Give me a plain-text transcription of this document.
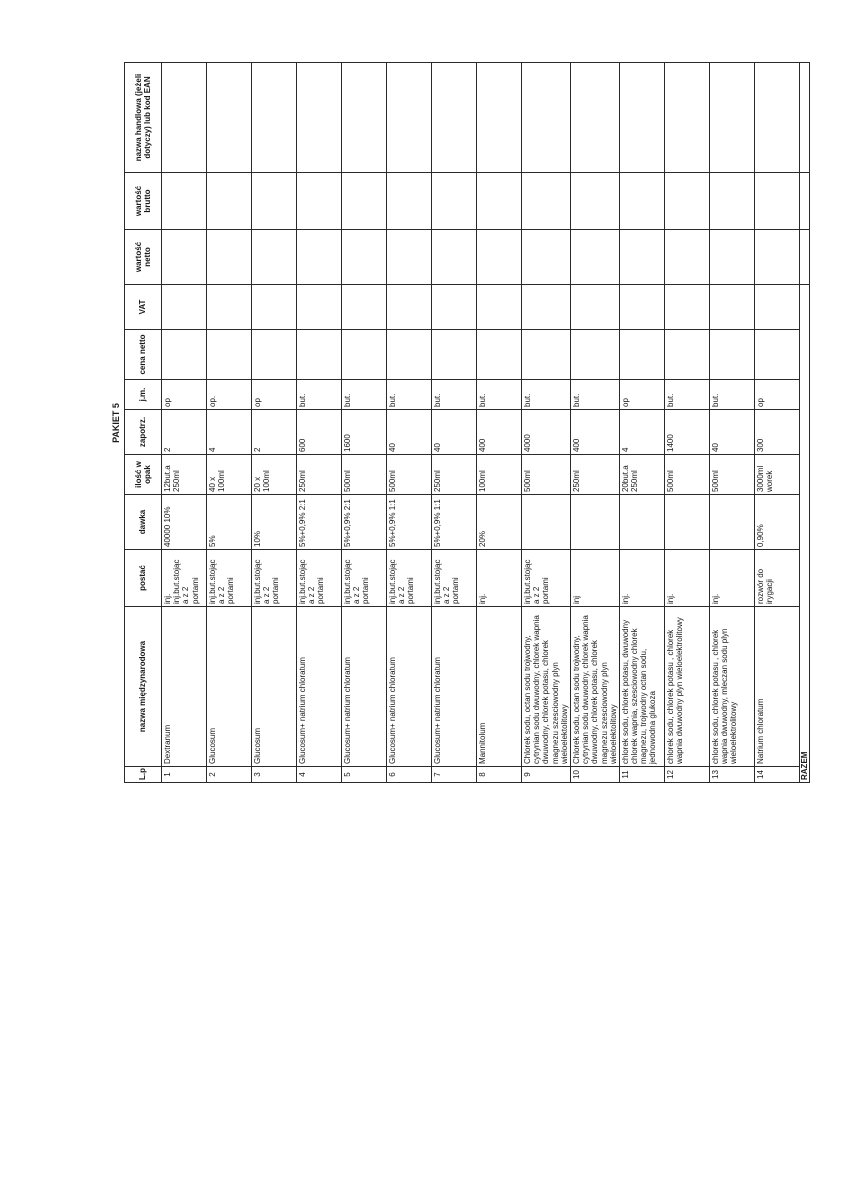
PAKIET 5
L.p	nazwa międzynarodowa	postać	dawka	ilość w opak	zapotrz.	j.m.	cena netto	VAT	wartość netto	wartość brutto	nazwa handlowa (jeżeli dotyczy) lub kod EAN
1	Dextranum	inj.
inj.but.stojąc
a z 2
portami	40000 10%	12but.a
250ml	2	op					
2	Glucosum	inj.but.stojąc
a z 2
portami	5%	40 x
100ml	4	op.					
3	Glucosum	inj.but.stojąc
a z 2
portami	10%	20 x
100ml	2	op					
4	Glucosum+ natrium chloratum	inj.but.stojąc
a z 2
portami	5%+0,9% 2:1	250ml	600	but.					
5	Glucosum+ natrium chloratum	inj.but.stojąc
a z 2
portami	5%+0,9% 2:1	500ml	1600	but.					
6	Glucosum+ natrium chloratum	inj.but.stojąc
a z 2
portami	5%+0,9% 1:1	500ml	40	but.					
7	Glucosum+ natrium chloratum	inj.but.stojąc
a z 2
portami	5%+0,9% 1:1	250ml	40	but.					
8	Mannitolum	inj.	20%	100ml	400	but.					
9	Chlorek sodu, octan sodu trojwodny, cytrynian sodu dwuwodny, chlorek wapnia dwuwodny, chlorek potasu, chlorek magnezu szesciowodny plyn wieloelektolitowy	inj.but.stojąc
a z 2
portami		500ml	4000	but.					
10	Chlorek sodu, octan sodu trojwodny, cytrynian sodu dwuwodny, chlorek wapnia dwuwodny, chlorek potasu, chlorek magnezu szesciowodny plyn wieloelektolitowy	inj		250ml	400	but.					
11	chlorek sodu, chlorek potasu, dwuwodny chlorek wapnia, szesciowodny chlorek magnezu, trojwodny octan sodu, jednowodna glukoza	inj.		20but.a
250ml	4	op					
12	chlorek sodu, chlorek potasu , chlorek wapnia dwuwodny plyn wieloelektrolitowy	inj.		500ml	1400	but.					
13	chlorek sodu, chlorek potasu , chlorek wapnia dwuwodny, mleczan sodu plyn wieloelektrolitowy	inj.		500ml	40	but.					
14	Natrium chloratum	rozwór do
irygacji	0,90%	3000ml
worek	300	op					
RAZEM											
